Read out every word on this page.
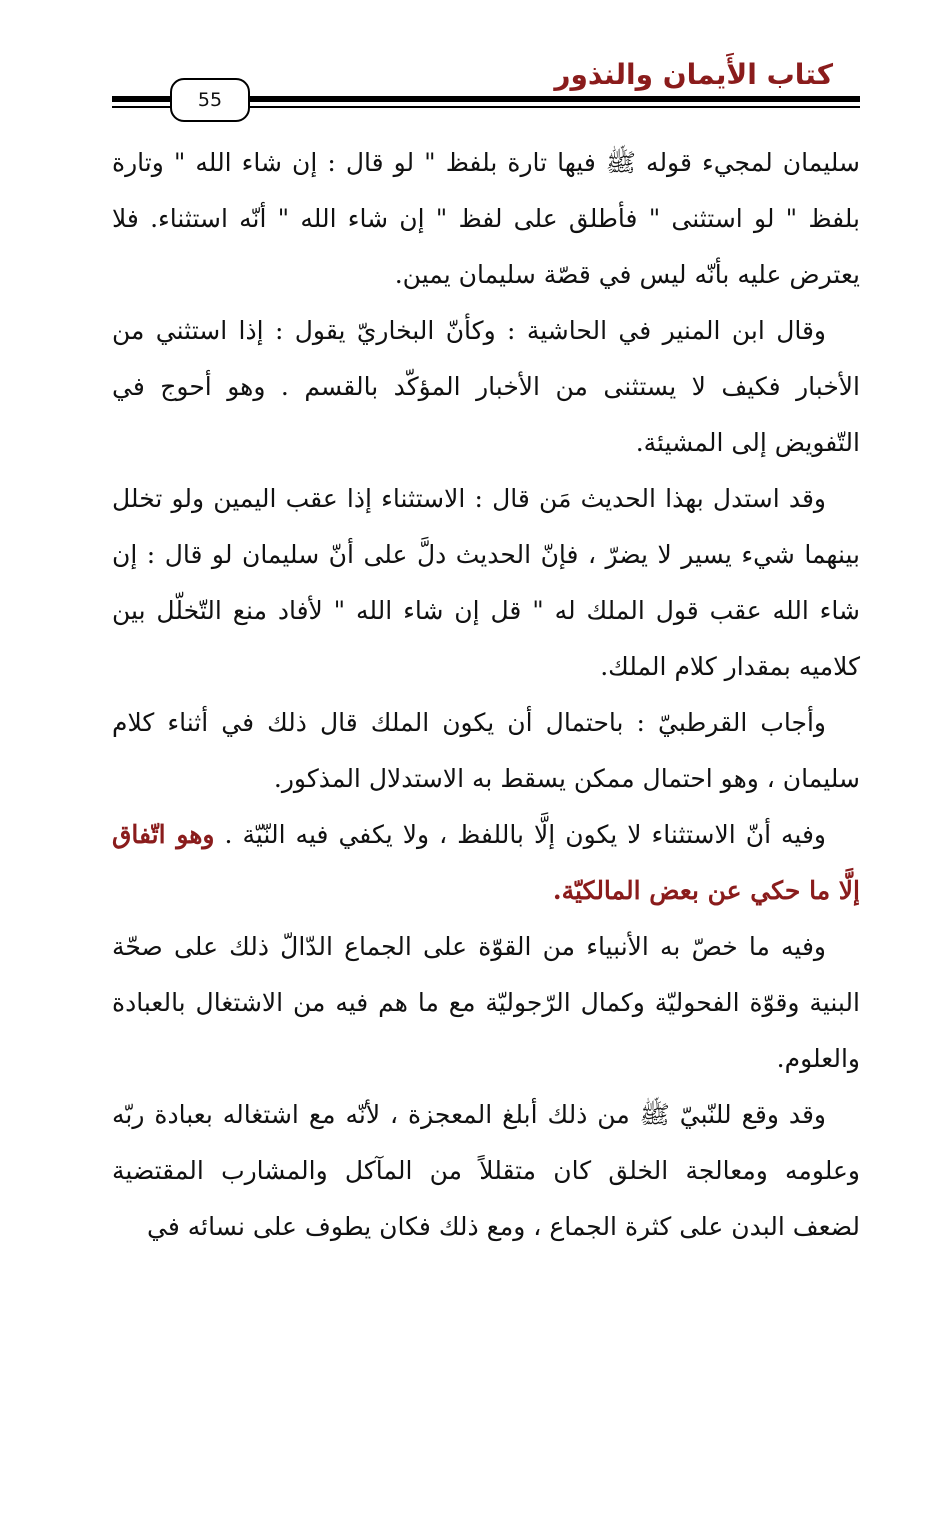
كتاب الأَيمان والنذور
55

سليمان لمجيء قوله ﷺ فيها تارة بلفظ " لو قال : إن شاء الله " وتارة بلفظ " لو استثنى " فأطلق على لفظ " إن شاء الله " أنّه استثناء. فلا يعترض عليه بأنّه ليس في قصّة سليمان يمين.

وقال ابن المنير في الحاشية : وكأنّ البخاريّ يقول : إذا استثني من الأخبار فكيف لا يستثنى من الأخبار المؤكّد بالقسم . وهو أحوج في التّفويض إلى المشيئة.

وقد استدل بهذا الحديث مَن قال : الاستثناء إذا عقب اليمين ولو تخلل بينهما شيء يسير لا يضرّ ، فإنّ الحديث دلَّ على أنّ سليمان لو قال : إن شاء الله عقب قول الملك له " قل إن شاء الله " لأفاد منع التّخلّل بين كلاميه بمقدار كلام الملك.

وأجاب القرطبيّ : باحتمال أن يكون الملك قال ذلك في أثناء كلام سليمان ، وهو احتمال ممكن يسقط به الاستدلال المذكور.

وفيه أنّ الاستثناء لا يكون إلَّا باللفظ ، ولا يكفي فيه النّيّة . وهو اتّفاق إلَّا ما حكي عن بعض المالكيّة.

وفيه ما خصّ به الأنبياء من القوّة على الجماع الدّالّ ذلك على صحّة البنية وقوّة الفحوليّة وكمال الرّجوليّة مع ما هم فيه من الاشتغال بالعبادة والعلوم.

وقد وقع للنّبيّ ﷺ من ذلك أبلغ المعجزة ، لأنّه مع اشتغاله بعبادة ربّه وعلومه ومعالجة الخلق كان متقللاً من المآكل والمشارب المقتضية لضعف البدن على كثرة الجماع ، ومع ذلك فكان يطوف على نسائه في
